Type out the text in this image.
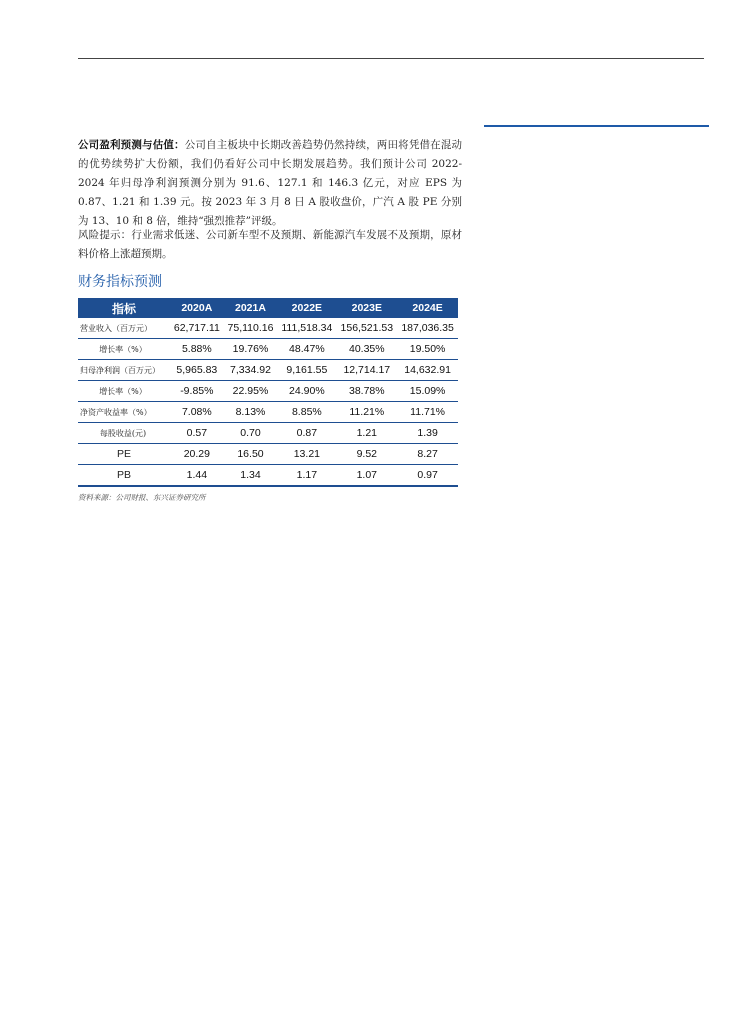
公司盈利预测与估值：公司自主板块中长期改善趋势仍然持续，两田将凭借在混动的优势续势扩大份额，我们仍看好公司中长期发展趋势。我们预计公司 2022-2024 年归母净利润预测分别为 91.6、127.1 和 146.3 亿元，对应 EPS 为 0.87、1.21 和 1.39 元。按 2023 年 3 月 8 日 A 股收盘价，广汽 A 股 PE 分别为 13、10 和 8 倍，维持“强烈推荐”评级。
风险提示：行业需求低迷、公司新车型不及预期、新能源汽车发展不及预期，原材料价格上涨超预期。
财务指标预测
指标	2020A	2021A	2022E	2023E	2024E
营业收入（百万元）	62,717.11	75,110.16	111,518.34	156,521.53	187,036.35
增长率（%）	5.88%	19.76%	48.47%	40.35%	19.50%
归母净利润（百万元）	5,965.83	7,334.92	9,161.55	12,714.17	14,632.91
增长率（%）	-9.85%	22.95%	24.90%	38.78%	15.09%
净资产收益率（%）	7.08%	8.13%	8.85%	11.21%	11.71%
每股收益(元)	0.57	0.70	0.87	1.21	1.39
PE	20.29	16.50	13.21	9.52	8.27
PB	1.44	1.34	1.17	1.07	0.97
资料来源：公司财报、东兴证券研究所
